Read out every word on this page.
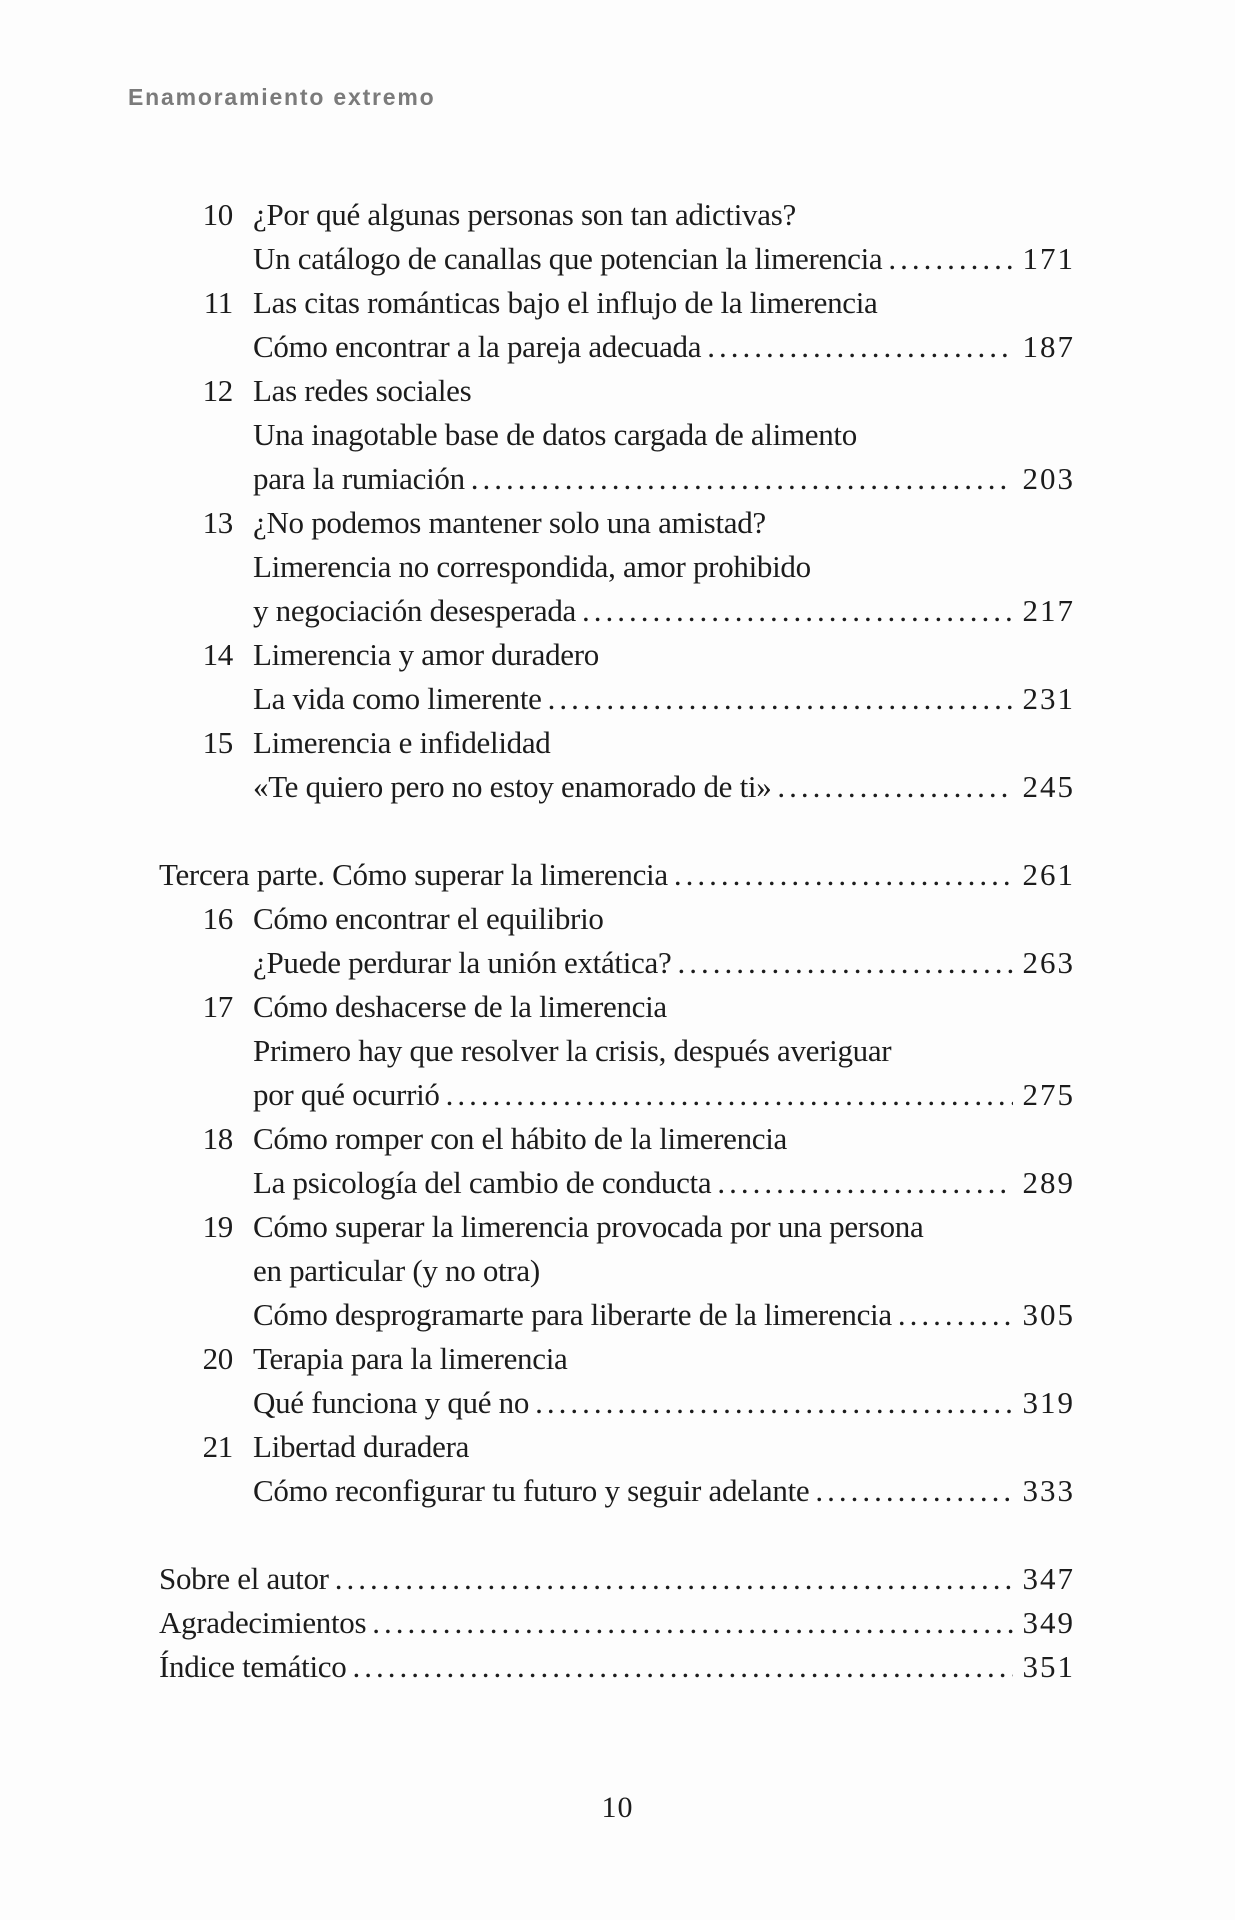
Enamoramiento extremo
10 ¿Por qué algunas personas son tan adictivas?
Un catálogo de canallas que potencian la limerencia .....	171
11 Las citas románticas bajo el influjo de la limerencia
Cómo encontrar a la pareja adecuada .....	187
12 Las redes sociales
Una inagotable base de datos cargada de alimento
para la rumiación .....	203
13 ¿No podemos mantener solo una amistad?
Limerencia no correspondida, amor prohibido
y negociación desesperada .....	217
14 Limerencia y amor duradero
La vida como limerente .....	231
15 Limerencia e infidelidad
«Te quiero pero no estoy enamorado de ti» .....	245
Tercera parte. Cómo superar la limerencia .....	261
16 Cómo encontrar el equilibrio
¿Puede perdurar la unión extática? .....	263
17 Cómo deshacerse de la limerencia
Primero hay que resolver la crisis, después averiguar
por qué ocurrió .....	275
18 Cómo romper con el hábito de la limerencia
La psicología del cambio de conducta .....	289
19 Cómo superar la limerencia provocada por una persona
en particular (y no otra)
Cómo desprogramarte para liberarte de la limerencia .....	305
20 Terapia para la limerencia
Qué funciona y qué no .....	319
21 Libertad duradera
Cómo reconfigurar tu futuro y seguir adelante .....	333
Sobre el autor .....	347
Agradecimientos .....	349
Índice temático .....	351
10
